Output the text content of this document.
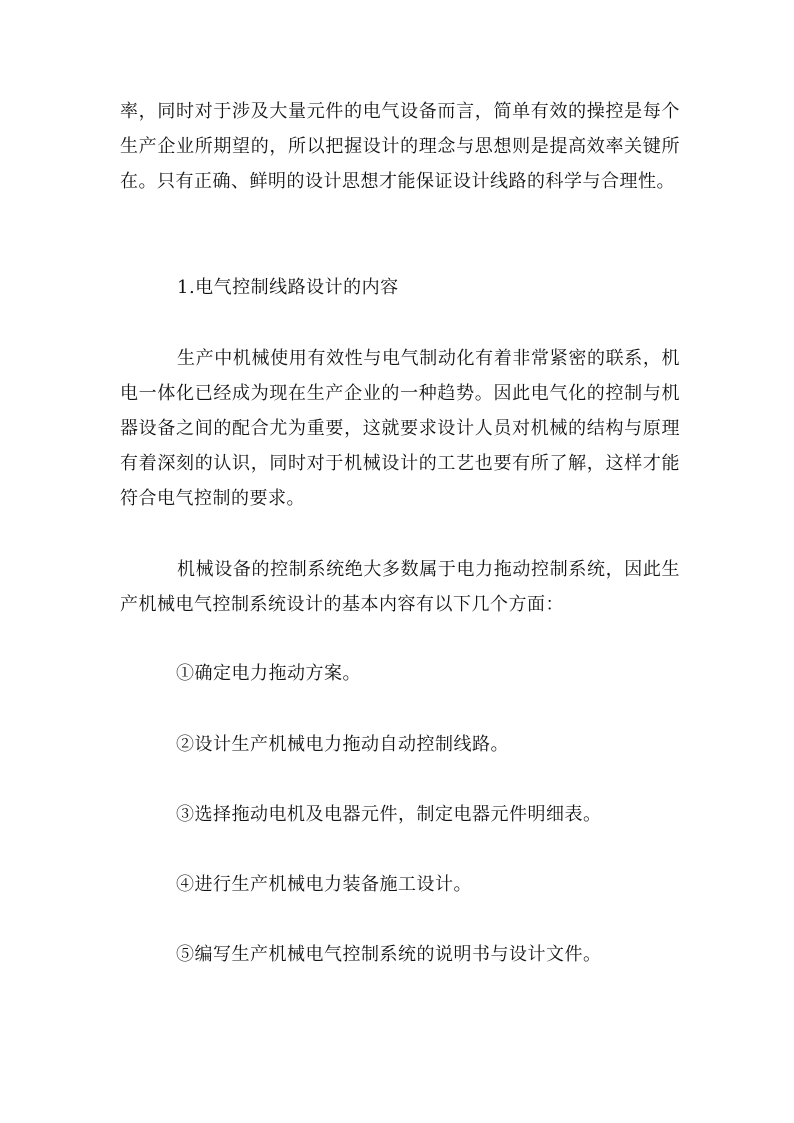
率，同时对于涉及大量元件的电气设备而言，简单有效的操控是每个生产企业所期望的，所以把握设计的理念与思想则是提高效率关键所在。只有正确、鲜明的设计思想才能保证设计线路的科学与合理性。

1.电气控制线路设计的内容

生产中机械使用有效性与电气制动化有着非常紧密的联系，机电一体化已经成为现在生产企业的一种趋势。因此电气化的控制与机器设备之间的配合尤为重要，这就要求设计人员对机械的结构与原理有着深刻的认识，同时对于机械设计的工艺也要有所了解，这样才能符合电气控制的要求。

机械设备的控制系统绝大多数属于电力拖动控制系统，因此生产机械电气控制系统设计的基本内容有以下几个方面：

①确定电力拖动方案。

②设计生产机械电力拖动自动控制线路。

③选择拖动电机及电器元件，制定电器元件明细表。

④进行生产机械电力装备施工设计。

⑤编写生产机械电气控制系统的说明书与设计文件。
